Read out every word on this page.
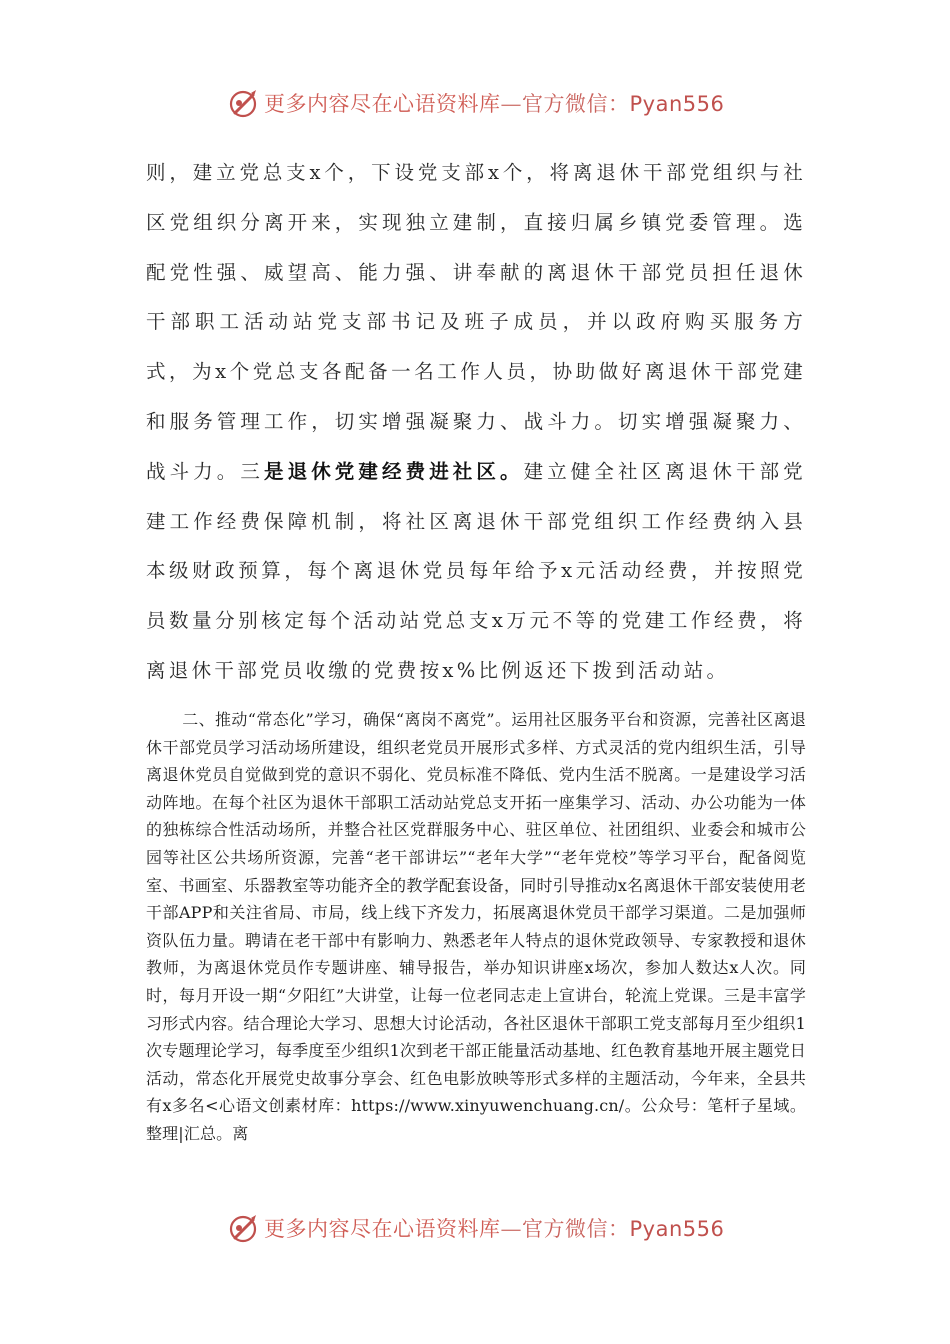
更多内容尽在心语资料库—官方微信：Pyan556
则，建立党总支x个，下设党支部x个，将离退休干部党组织与社区党组织分离开来，实现独立建制，直接归属乡镇党委管理。选配党性强、威望高、能力强、讲奉献的离退休干部党员担任退休干部职工活动站党支部书记及班子成员，并以政府购买服务方式，为x个党总支各配备一名工作人员，协助做好离退休干部党建和服务管理工作，切实增强凝聚力、战斗力。切实增强凝聚力、战斗力。三是退休党建经费进社区。建立健全社区离退休干部党建工作经费保障机制，将社区离退休干部党组织工作经费纳入县本级财政预算，每个离退休党员每年给予x元活动经费，并按照党员数量分别核定每个活动站党总支x万元不等的党建工作经费，将离退休干部党员收缴的党费按x%比例返还下拨到活动站。
二、推动“常态化”学习，确保“离岗不离党”。运用社区服务平台和资源，完善社区离退休干部党员学习活动场所建设，组织老党员开展形式多样、方式灵活的党内组织生活，引导离退休党员自觉做到党的意识不弱化、党员标准不降低、党内生活不脱离。一是建设学习活动阵地。在每个社区为退休干部职工活动站党总支开拓一座集学习、活动、办公功能为一体的独栋综合性活动场所，并整合社区党群服务中心、驻区单位、社团组织、业委会和城市公园等社区公共场所资源，完善“老干部讲坛”“老年大学”“老年党校”等学习平台，配备阅览室、书画室、乐器教室等功能齐全的教学配套设备，同时引导推动x名离退休干部安装使用老干部APP和关注省局、市局，线上线下齐发力，拓展离退休党员干部学习渠道。二是加强师资队伍力量。聘请在老干部中有影响力、熟悉老年人特点的退休党政领导、专家教授和退休教师，为离退休党员作专题讲座、辅导报告，举办知识讲座x场次，参加人数达x人次。同时，每月开设一期“夕阳红”大讲堂，让每一位老同志走上宣讲台，轮流上党课。三是丰富学习形式内容。结合理论大学习、思想大讨论活动，各社区退休干部职工党支部每月至少组织1次专题理论学习，每季度至少组织1次到老干部正能量活动基地、红色教育基地开展主题党日活动，常态化开展党史故事分享会、红色电影放映等形式多样的主题活动，今年来，全县共有x多名<心语文创素材库：https://www.xinyuwenchuang.cn/。公众号：笔杆子星域。整理|汇总。离
更多内容尽在心语资料库—官方微信：Pyan556
